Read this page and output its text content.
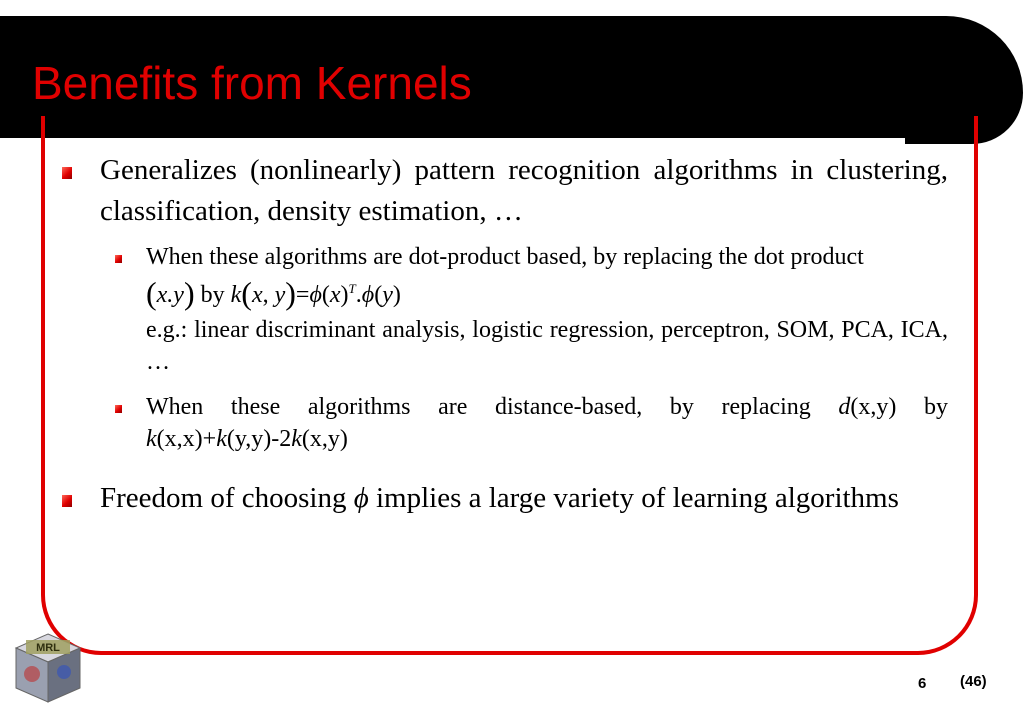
Benefits from Kernels
Generalizes (nonlinearly) pattern recognition algorithms in clustering, classification, density estimation, …
When these algorithms are dot-product based, by replacing the dot product
(x.y) by k(x, $y)=\phi(x)^T.\phi(y)$
e.g.: linear discriminant analysis, logistic regression, perceptron, SOM, PCA, ICA, …
When these algorithms are distance-based, by replacing d(x,y) by k(x,x)+k(y,y)-2k(x,y)
Freedom of choosing ϕ implies a large variety of learning algorithms
MRL
6 (46)
